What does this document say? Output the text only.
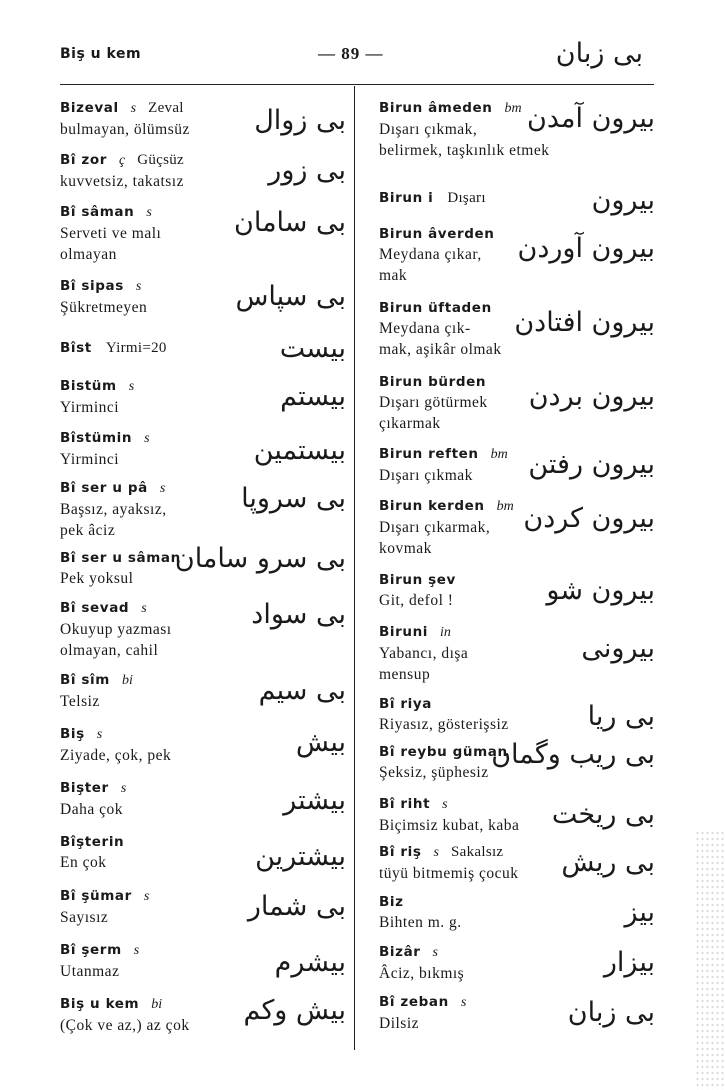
Biş u kem	— 89 —	بى زبان
Bizeval s Zeval
bulmayan, ölümsüz	بى زوال
Bî zor ç Güçsüz
kuvvetsiz, takatsız	بى زور
Bî sâman s
Serveti ve malı
olmayan
بى سامان
Bî sipas s
Şükretmeyen	بى سپاس
Bîst Yirmi=20	بيست
Bistüm s
Yirminci	بيستم
Bîstümin s
Yirminci	بيستمين
Bî ser u pâ s
Başsız, ayaksız,
pek âciz
بى سروپا
Bî ser u sâman
Pek yoksul
بى سرو سامان
Bî sevad s
Okuyup yazması
olmayan, cahil
بى سواد
Bî sîm bi
Telsiz	بى سيم
Biş s
Ziyade, çok, pek	بيش
Bişter s
Daha çok	بيشتر
Bîşterin
En çok	بيشترين
Bî şümar s
Sayısız	بى شمار
Bî şerm s
Utanmaz	بيشرم
Biş u kem bi
(Çok ve az,) az çok	بيش وكم
Birun âmeden bm
Dışarı çıkmak,
belirmek, taşkınlık etmek
بيرون آمدن
Birun i Dışarı	بيرون
Birun âverden
Meydana çıkar,
mak
بيرون آوردن
Birun üftaden
Meydana çık-
mak, aşikâr olmak
بيرون افتادن
Birun bürden
Dışarı götürmek
çıkarmak
بيرون بردن
Birun reften bm
Dışarı çıkmak	بيرون رفتن
Birun kerden bm
Dışarı çıkarmak,
kovmak
بيرون كردن
Birun şev
Git, defol !	بيرون شو
Biruni in
Yabancı, dışa
mensup
بيرونى
Bî riya
Riyasız, gösterişsiz	بى ريا
Bî reybu güman
Şeksiz, şüphesiz
بى ريب وگمان
Bî riht s
Biçimsiz kubat, kaba	بى ريخت
Bî riş s Sakalsız
tüyü bitmemiş çocuk	بى ريش
Biz
Bihten m. g.	بيز
Bizâr s
Âciz, bıkmış	بيزار
Bî zeban s
Dilsiz	بى زبان
